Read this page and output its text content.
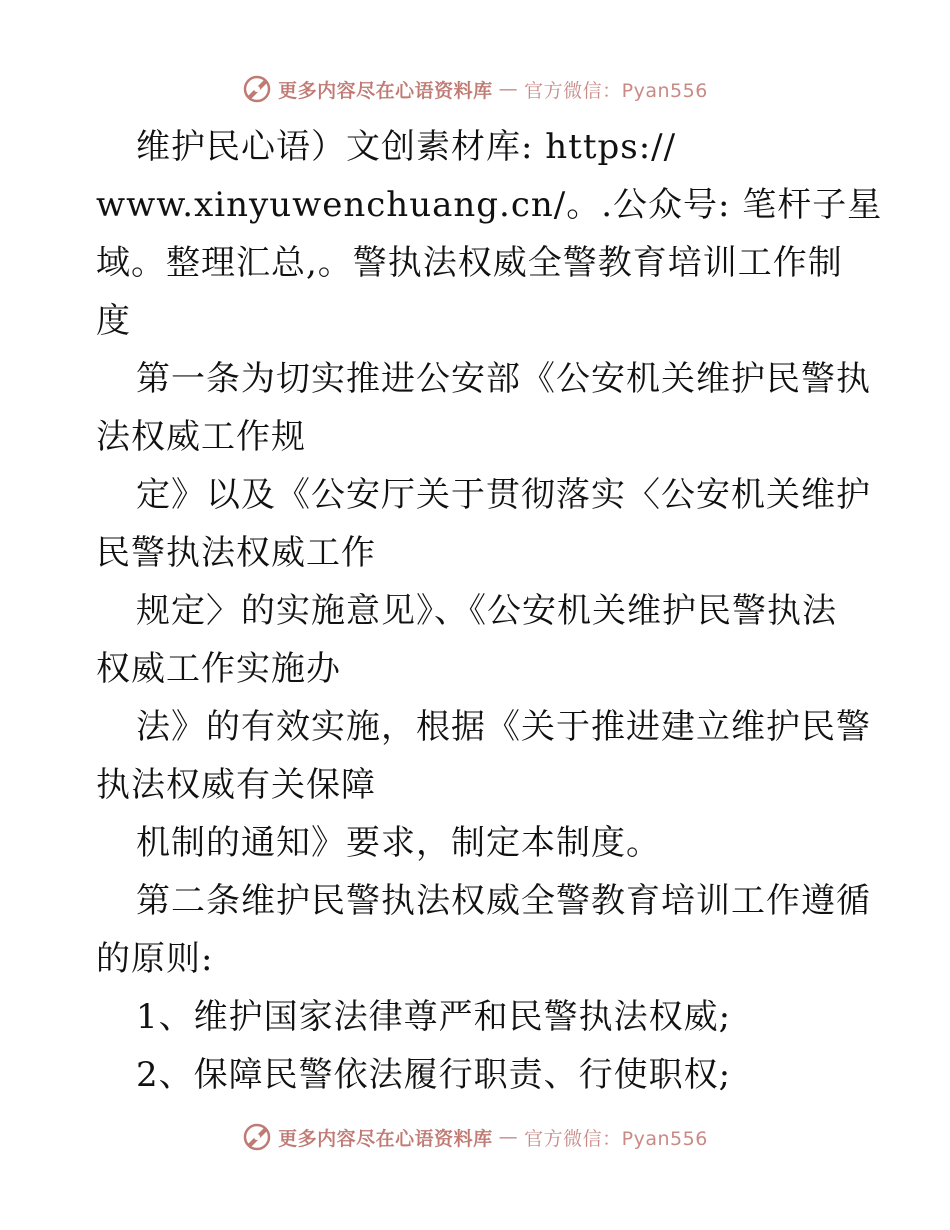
更多内容尽在心语资料库 — 官方微信：Pyan556
维护民心语）文创素材库: https://
www.xinyuwenchuang.cn/。.公众号: 笔杆子星
域。整理汇总,。警执法权威全警教育培训工作制
度
第一条为切实推进公安部《公安机关维护民警执
法权威工作规
定》以及《公安厅关于贯彻落实〈公安机关维护
民警执法权威工作
规定〉的实施意见》、《公安机关维护民警执法
权威工作实施办
法》的有效实施，根据《关于推进建立维护民警
执法权威有关保障
机制的通知》要求，制定本制度。
第二条维护民警执法权威全警教育培训工作遵循
的原则:
1、维护国家法律尊严和民警执法权威;
2、保障民警依法履行职责、行使职权;
更多内容尽在心语资料库 — 官方微信：Pyan556
